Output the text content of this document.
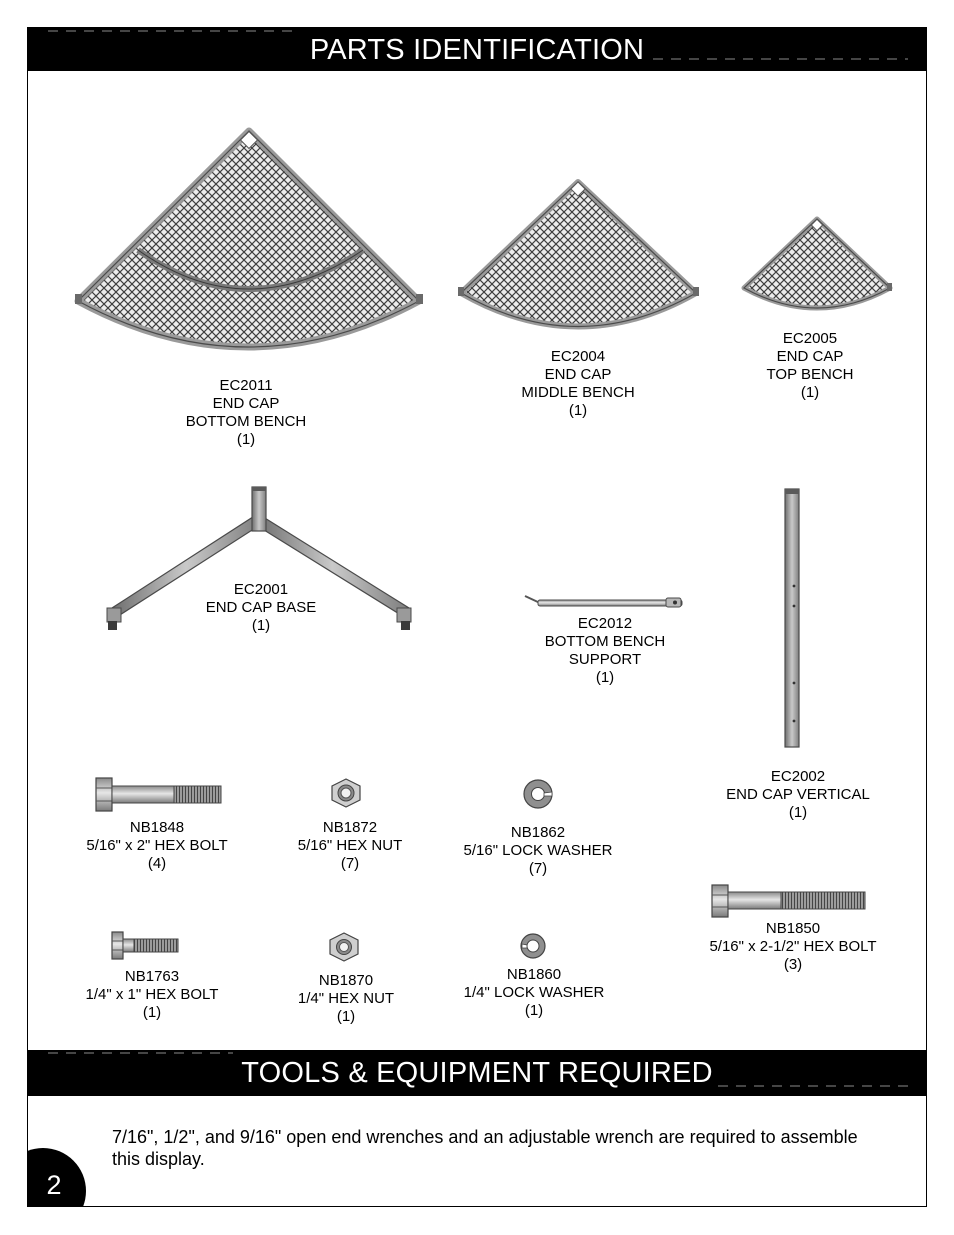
PARTS IDENTIFICATION
EC2011
END CAP
BOTTOM BENCH
(1)
EC2004
END CAP
MIDDLE BENCH
(1)
EC2005
END CAP
TOP BENCH
(1)
EC2001
END CAP BASE
(1)	EC2012
BOTTOM BENCH
SUPPORT
(1)
EC2002
END CAP VERTICAL
(1)
NB1848
5/16" x 2" HEX BOLT
(4)
NB1872
5/16" HEX NUT
(7)
NB1862
5/16" LOCK WASHER
(7)
NB1850
5/16" x 2-1/2" HEX BOLT
(3)
NB1763
1/4" x 1" HEX BOLT
(1)
NB1870
1/4" HEX NUT
(1)
NB1860
1/4" LOCK WASHER
(1)
TOOLS & EQUIPMENT REQUIRED

7/16", 1/2", and 9/16" open end wrenches and an adjustable wrench are required to assemble this display.

2
